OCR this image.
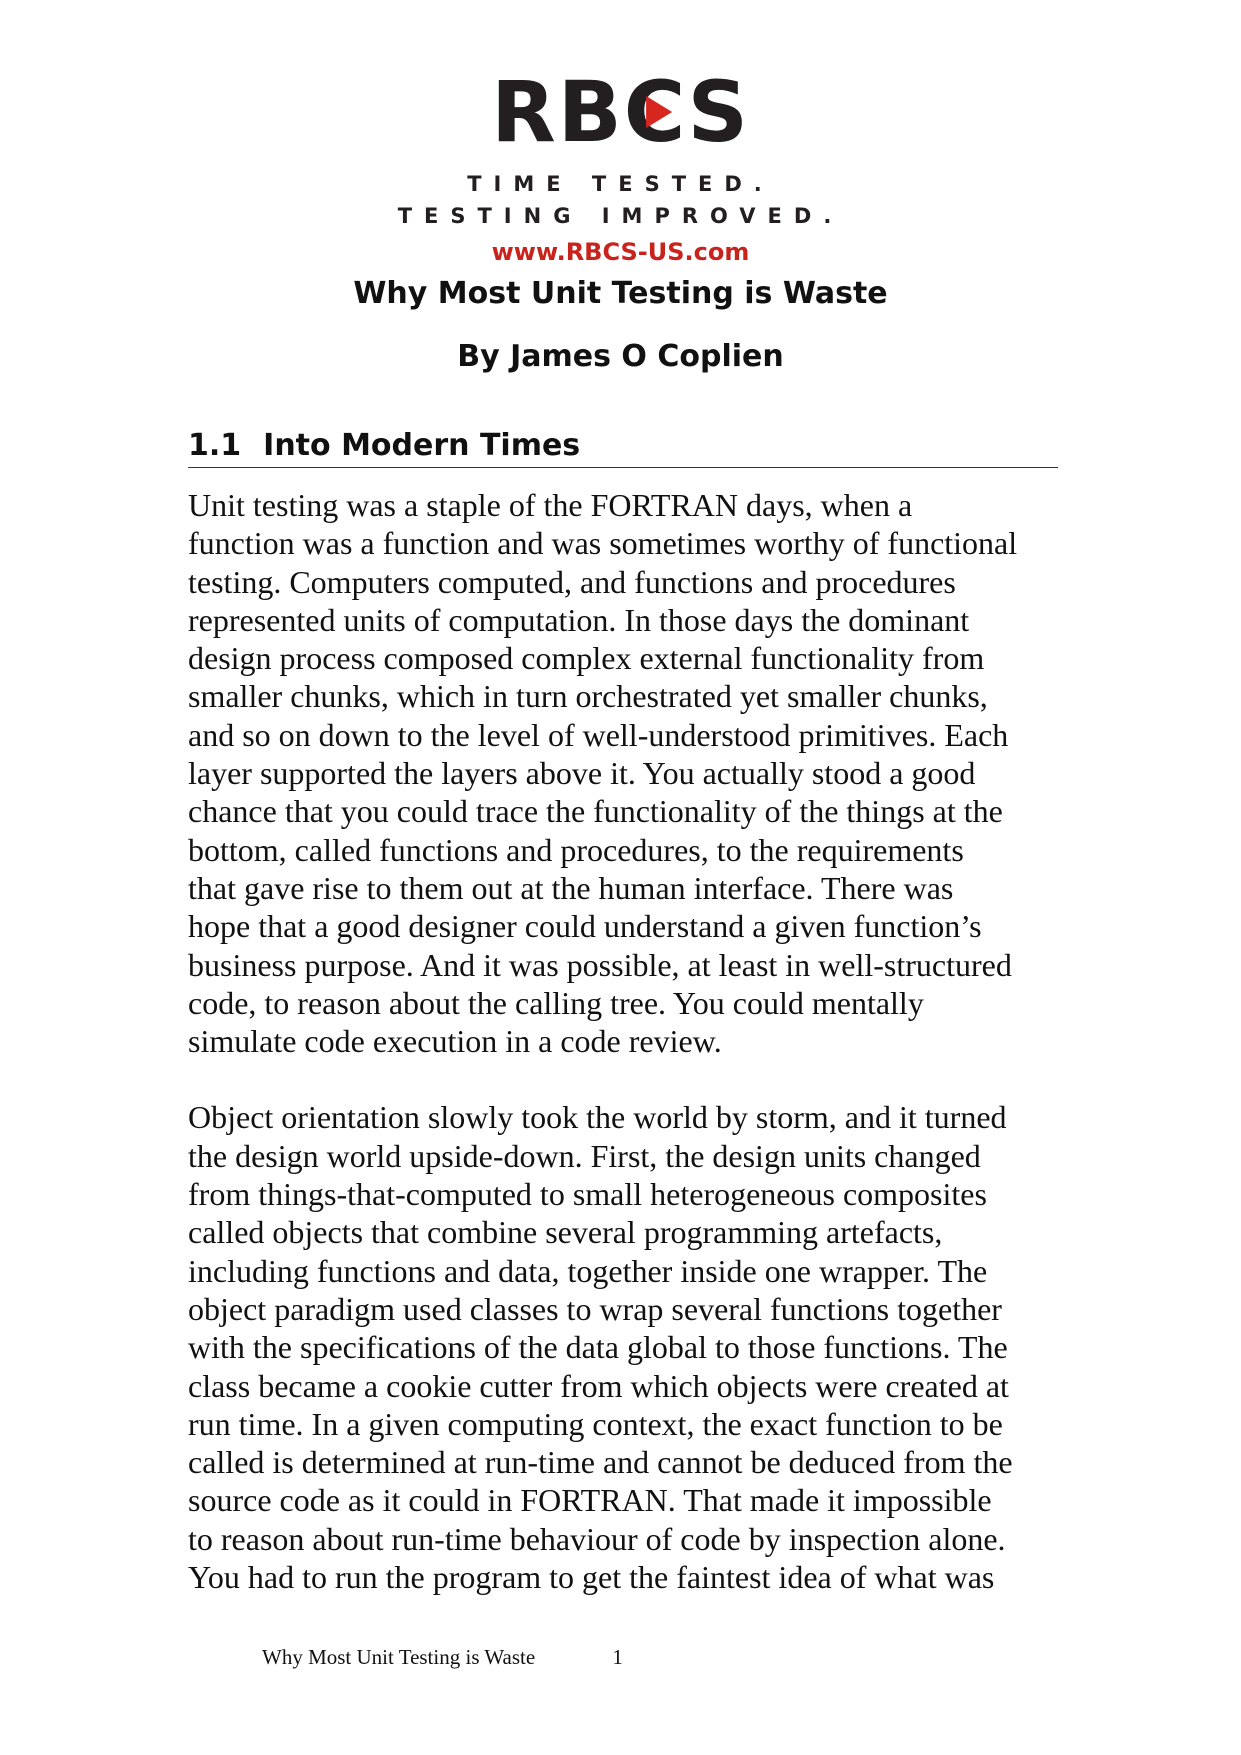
R B C S
TIME TESTED.
TESTING IMPROVED.
www.RBCS-US.com
Why Most Unit Testing is Waste
By James O Coplien
1.1 Into Modern Times

Unit testing was a staple of the FORTRAN days, when a
function was a function and was sometimes worthy of functional
testing. Computers computed, and functions and procedures
represented units of computation. In those days the dominant
design process composed complex external functionality from
smaller chunks, which in turn orchestrated yet smaller chunks,
and so on down to the level of well-understood primitives. Each
layer supported the layers above it. You actually stood a good
chance that you could trace the functionality of the things at the
bottom, called functions and procedures, to the requirements
that gave rise to them out at the human interface. There was
hope that a good designer could understand a given function’s
business purpose. And it was possible, at least in well-structured
code, to reason about the calling tree. You could mentally
simulate code execution in a code review.

Object orientation slowly took the world by storm, and it turned
the design world upside-down. First, the design units changed
from things-that-computed to small heterogeneous composites
called objects that combine several programming artefacts,
including functions and data, together inside one wrapper. The
object paradigm used classes to wrap several functions together
with the specifications of the data global to those functions. The
class became a cookie cutter from which objects were created at
run time. In a given computing context, the exact function to be
called is determined at run-time and cannot be deduced from the
source code as it could in FORTRAN. That made it impossible
to reason about run-time behaviour of code by inspection alone.
You had to run the program to get the faintest idea of what was

Why Most Unit Testing is Waste	1
